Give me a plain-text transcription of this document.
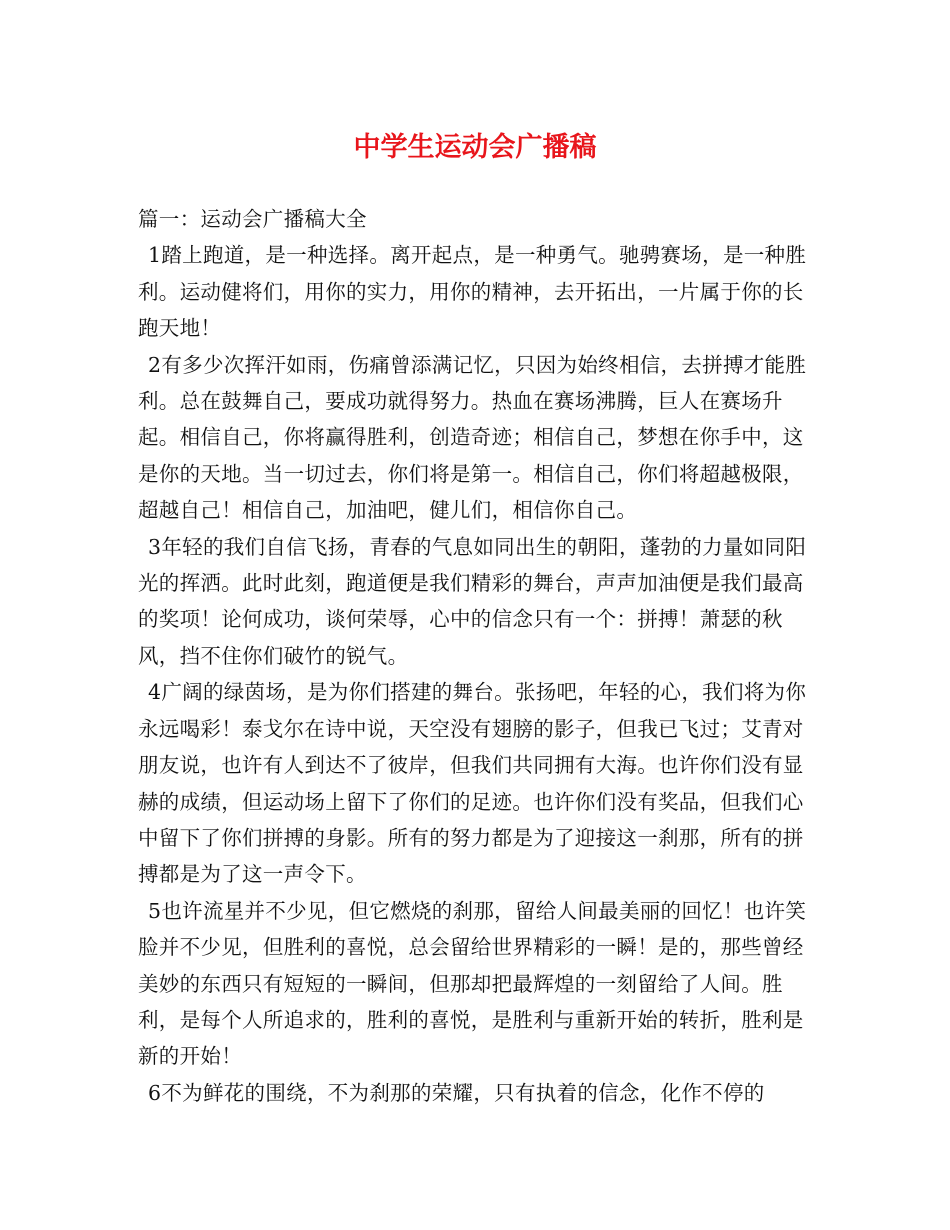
中学生运动会广播稿

篇一：运动会广播稿大全

1踏上跑道，是一种选择。离开起点，是一种勇气。驰骋赛场，是一种胜利。运动健将们，用你的实力，用你的精神，去开拓出，一片属于你的长跑天地！

2有多少次挥汗如雨，伤痛曾添满记忆，只因为始终相信，去拼搏才能胜利。总在鼓舞自己，要成功就得努力。热血在赛场沸腾，巨人在赛场升起。相信自己，你将赢得胜利，创造奇迹；相信自己，梦想在你手中，这是你的天地。当一切过去，你们将是第一。相信自己，你们将超越极限，超越自己！相信自己，加油吧，健儿们，相信你自己。

3年轻的我们自信飞扬，青春的气息如同出生的朝阳，蓬勃的力量如同阳光的挥洒。此时此刻，跑道便是我们精彩的舞台，声声加油便是我们最高的奖项！论何成功，谈何荣辱，心中的信念只有一个：拼搏！萧瑟的秋风，挡不住你们破竹的锐气。

4广阔的绿茵场，是为你们搭建的舞台。张扬吧，年轻的心，我们将为你永远喝彩！泰戈尔在诗中说，天空没有翅膀的影子，但我已飞过；艾青对朋友说，也许有人到达不了彼岸，但我们共同拥有大海。也许你们没有显赫的成绩，但运动场上留下了你们的足迹。也许你们没有奖品，但我们心中留下了你们拼搏的身影。所有的努力都是为了迎接这一刹那，所有的拼搏都是为了这一声令下。

5也许流星并不少见，但它燃烧的刹那，留给人间最美丽的回忆！也许笑脸并不少见，但胜利的喜悦，总会留给世界精彩的一瞬！是的，那些曾经美妙的东西只有短短的一瞬间，但那却把最辉煌的一刻留给了人间。胜利，是每个人所追求的，胜利的喜悦，是胜利与重新开始的转折，胜利是新的开始！

6不为鲜花的围绕，不为刹那的荣耀，只有执着的信念，化作不停的
